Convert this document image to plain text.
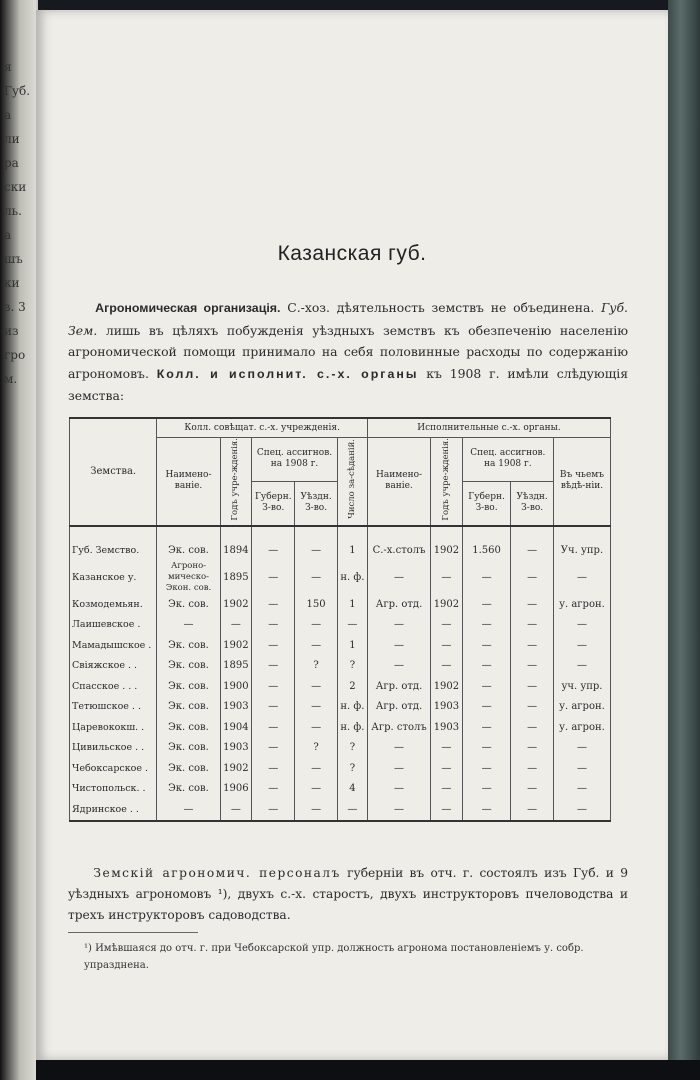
я
Губ.
а
ли
ра
ски
ль.
а
шъ
ки
з. 3
из
гро
м.
Казанская губ.
Агрономическая организація. С.-хоз. дѣятельность земствъ не объединена. Губ. Зем. лишь въ цѣляхъ побужденія уѣздныхъ земствъ къ обезпеченію населенію агрономической помощи принимало на себя половинные расходы по содержанію агрономовъ. Колл. и исполнит. с.-х. органы къ 1908 г. имѣли слѣдующія земства:
Земства.	Колл. совѣщат. с.-х. учрежденія.					Исполнительные с.-х. органы.				
	Наимено-ваніе.	Годъ учре-жденія.	Спец. ассигнов. на 1908 г.		Число за-сѣданій.	Наимено-ваніе.	Годъ учре-жденія.	Спец. ассигнов. на 1908 г.		Въ чьемъ вѣдѣ-ніи.
			Губерн. З-во.	Уѣздн. З-во.				Губерн. З-во.	Уѣздн. З-во.	
Губ. Земство.	Эк. сов.	1894	—	—	1	С.-х.столъ	1902	1.560	—	Уч. упр.
Казанское у.	Агроно-мическо-Экон. сов.	1895	—	—	н. ф.	—	—	—	—	—
Козмодемьян.	Эк. сов.	1902	—	150	1	Агр. отд.	1902	—	—	у. агрон.
Лаишевское .	—	—	—	—	—	—	—	—	—	—
Мамадышское .	Эк. сов.	1902	—	—	1	—	—	—	—	—
Свіяжское . .	Эк. сов.	1895	—	?	?	—	—	—	—	—
Спасское . . .	Эк. сов.	1900	—	—	2	Агр. отд.	1902	—	—	уч. упр.
Тетюшское . .	Эк. сов.	1903	—	—	н. ф.	Агр. отд.	1903	—	—	у. агрон.
Царевококш. .	Эк. сов.	1904	—	—	н. ф.	Агр. столъ	1903	—	—	у. агрон.
Цивильское . .	Эк. сов.	1903	—	?	?	—	—	—	—	—
Чебоксарское .	Эк. сов.	1902	—	—	?	—	—	—	—	—
Чистопольск. .	Эк. сов.	1906	—	—	4	—	—	—	—	—
Ядринское . .	—	—	—	—	—	—	—	—	—	—
Земскій агрономич. персоналъ губерніи въ отч. г. состоялъ изъ Губ. и 9 уѣздныхъ агрономовъ ¹), двухъ с.-х. старостъ, двухъ инструкторовъ пчеловодства и трехъ инструкторовъ садоводства.
¹) Имѣвшаяся до отч. г. при Чебоксарской упр. должность агронома постановленіемъ у. собр. упразднена.
